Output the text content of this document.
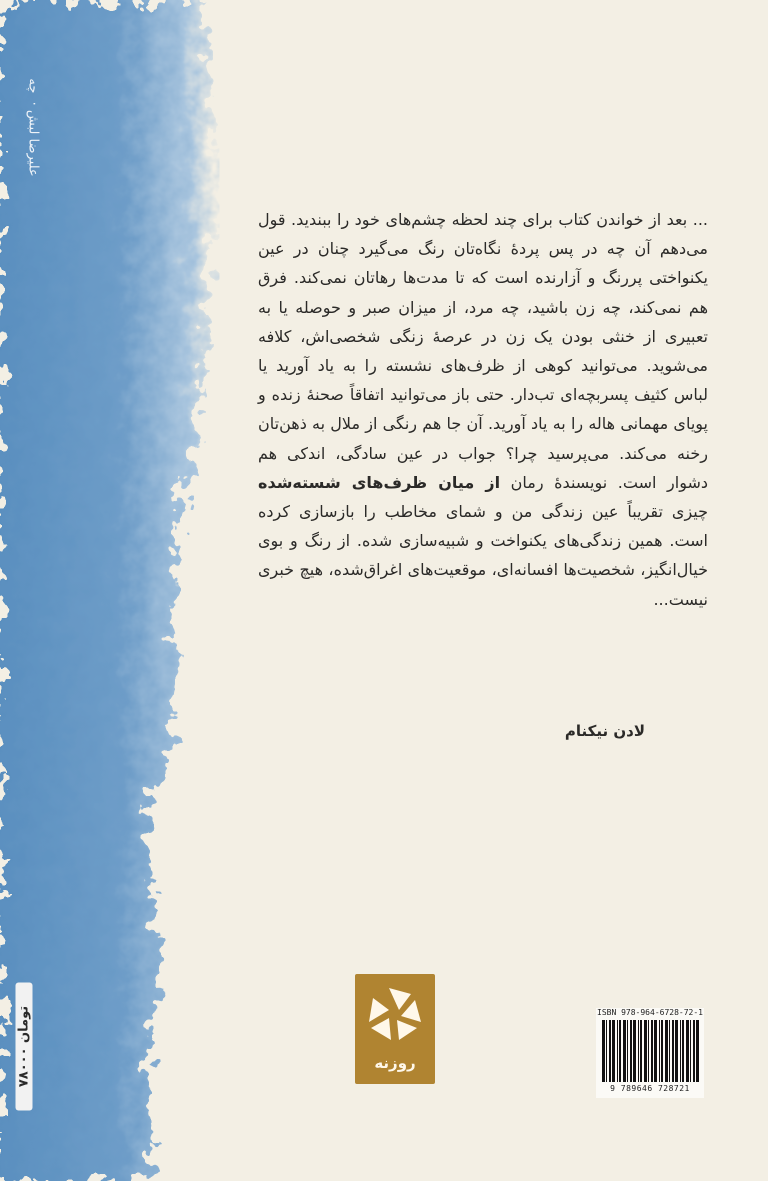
علیرضا لبش‌ · ‌ چه
۷۸۰۰۰ تومان
... بعد از خواندن کتاب برای چند لحظه چشم‌های خود را ببندید. قول می‌دهم آن چه در پس پردهٔ نگاه‌تان رنگ می‌گیرد چنان در عین یکنواختی پررنگ و آزارنده است که تا مدت‌ها رهاتان نمی‌کند. فرق هم نمی‌کند، چه زن باشید، چه مرد، از میزان صبر و حوصله یا به تعبیری از خنثی بودن یک زن در عرصهٔ زنگی شخصی‌اش، کلافه می‌شوید. می‌توانید کوهی از ظرف‌های نشسته را به یاد آورید یا لباس کثیف پسربچه‌ای تب‌دار. حتی باز می‌توانید اتفاقاً صحنهٔ زنده و پویای مهمانی هاله را به یاد آورید. آن جا هم رنگی از ملال به ذهن‌تان رخنه می‌کند. می‌پرسید چرا؟ جواب در عین سادگی، اندکی هم دشوار است. نویسندهٔ رمان از میان ظرف‌های شسته‌شده چیزی تقریباً عین زندگی من و شمای مخاطب را بازسازی کرده است. همین زندگی‌های یکنواخت و شبیه‌سازی شده. از رنگ و بوی خیال‌انگیز، شخصیت‌ها افسانه‌ای، موقعیت‌های اغراق‌شده، هیچ خبری نیست...
لادن نیکنام
روزنه
ISBN 978-964-6728-72-1
9 789646 728721
